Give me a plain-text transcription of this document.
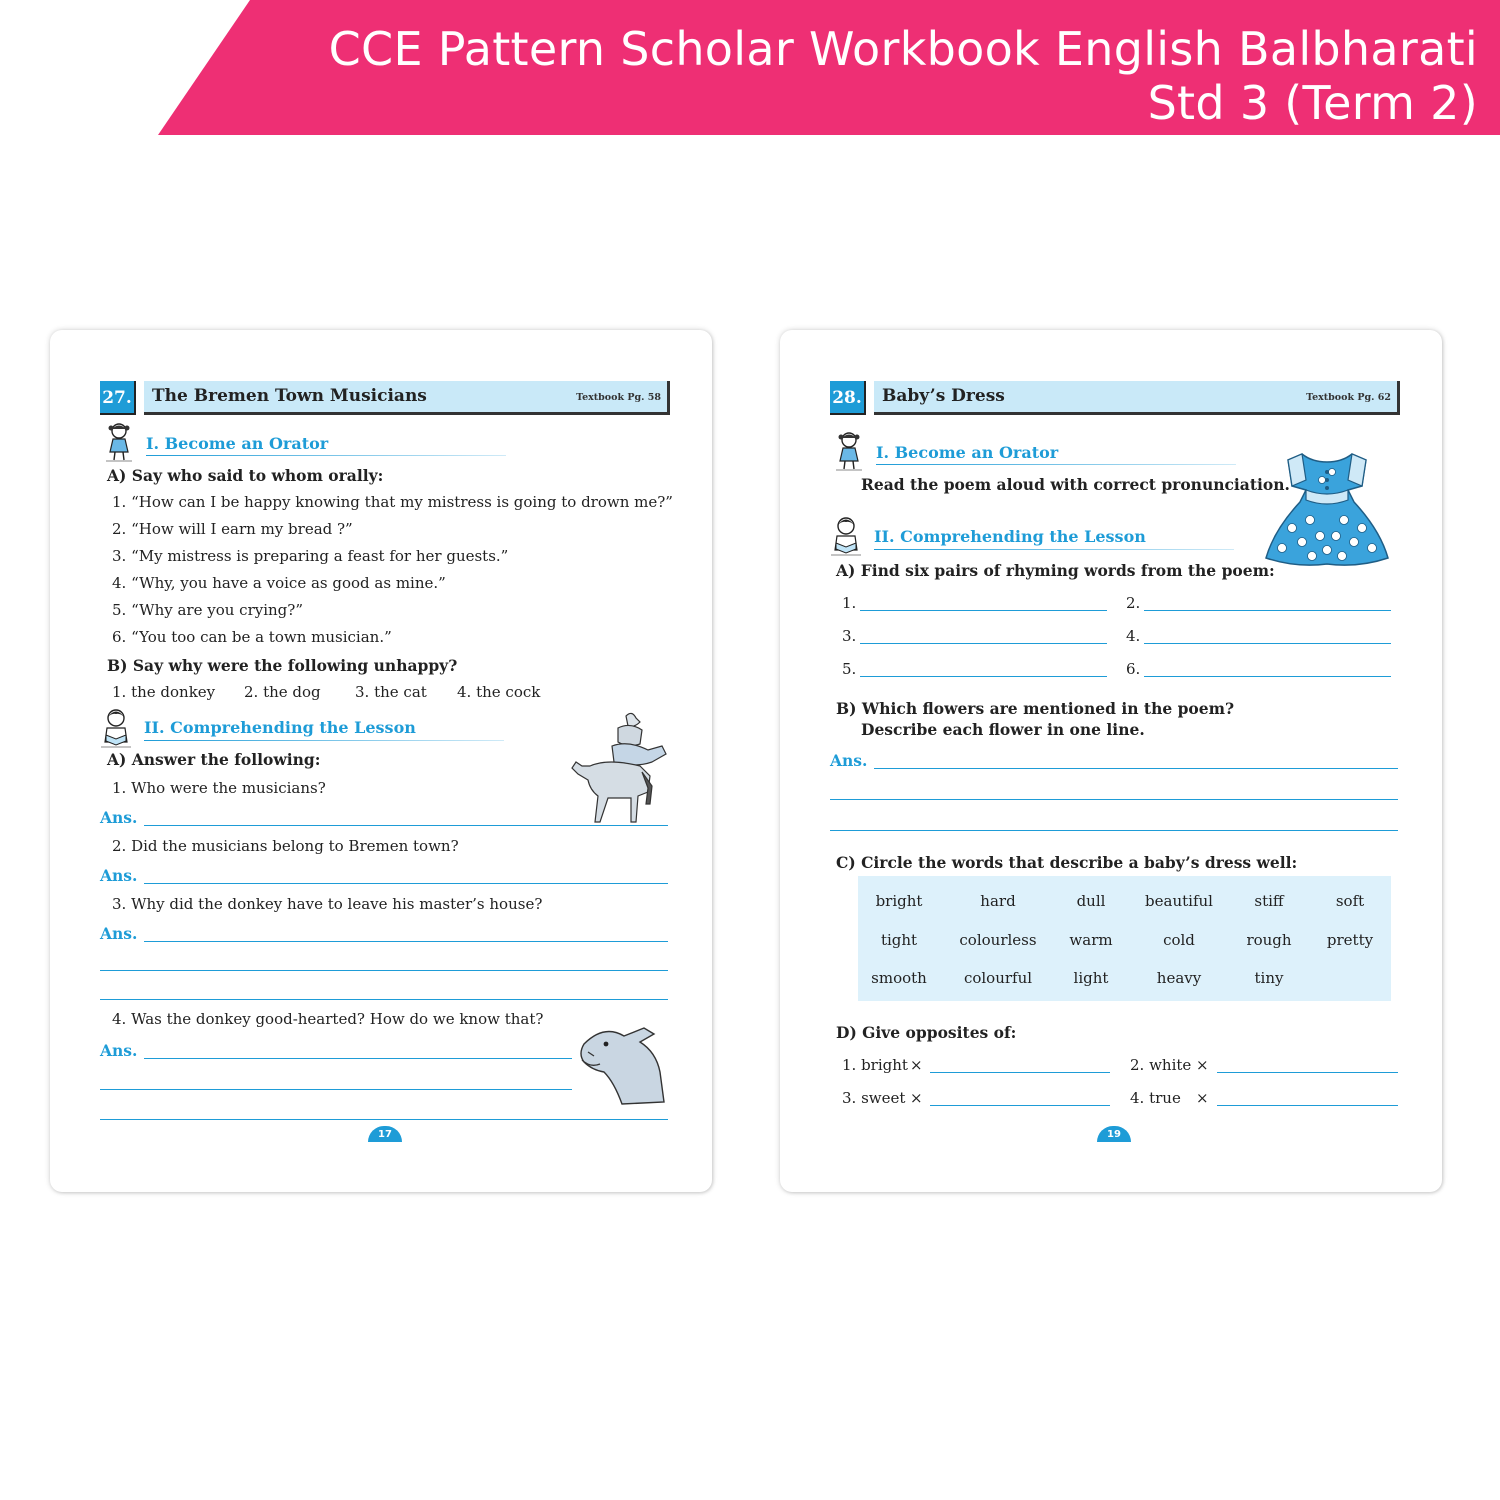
CCE Pattern Scholar Workbook English Balbharati
Std 3 (Term 2)
27. The Bremen Town Musicians	Textbook Pg. 58
I. Become an Orator
A) Say who said to whom orally:
1. “How can I be happy knowing that my mistress is going to drown me?”
2. “How will I earn my bread ?”
3. “My mistress is preparing a feast for her guests.”
4. “Why, you have a voice as good as mine.”
5. “Why are you crying?”
6. “You too can be a town musician.”
B) Say why were the following unhappy?
1. the donkey 2. the dog 3. the cat 4. the cock
II. Comprehending the Lesson
A) Answer the following:
1. Who were the musicians?
Ans.
2. Did the musicians belong to Bremen town?
Ans.
3. Why did the donkey have to leave his master’s house?
Ans.
4. Was the donkey good-hearted? How do we know that?
Ans.
17
28. Baby’s Dress	Textbook Pg. 62
I. Become an Orator
Read the poem aloud with correct pronunciation.
II. Comprehending the Lesson
A) Find six pairs of rhyming words from the poem:
1.	2.
3.	4.
5.	6.
B) Which flowers are mentioned in the poem?
Describe each flower in one line.
Ans.
C) Circle the words that describe a baby’s dress well:
bright	hard	dull	beautiful	stiff	soft
tight	colourless	warm	cold	rough	pretty
smooth	colourful	light	heavy	tiny
D) Give opposites of:
1. bright ×	2. white ×
3. sweet ×	4. true ×
19
